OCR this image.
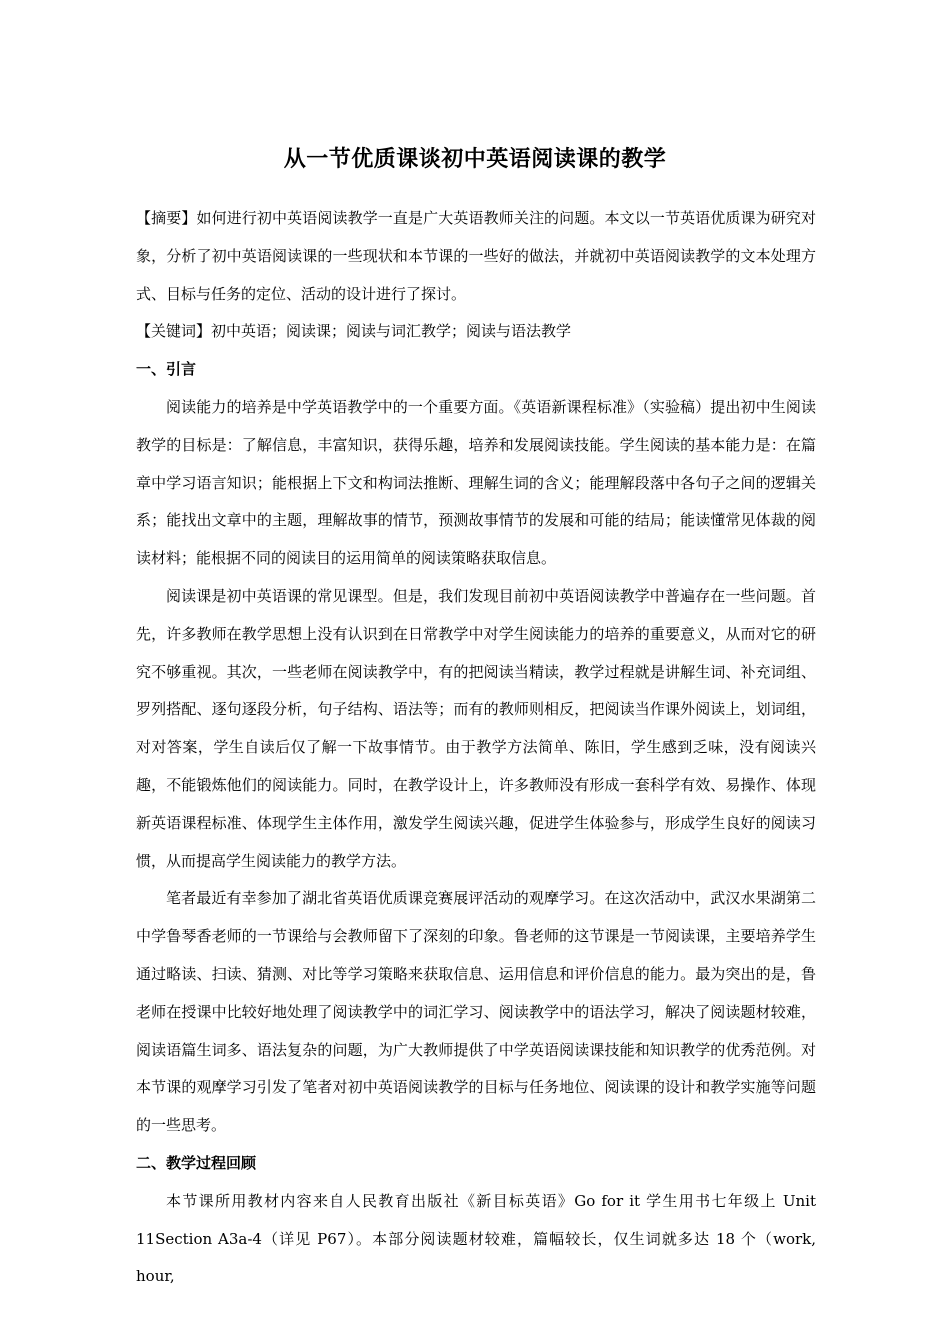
从一节优质课谈初中英语阅读课的教学

【摘要】如何进行初中英语阅读教学一直是广大英语教师关注的问题。本文以一节英语优质课为研究对象，分析了初中英语阅读课的一些现状和本节课的一些好的做法，并就初中英语阅读教学的文本处理方式、目标与任务的定位、活动的设计进行了探讨。

【关键词】初中英语；阅读课；阅读与词汇教学；阅读与语法教学

一、引言

阅读能力的培养是中学英语教学中的一个重要方面。《英语新课程标准》（实验稿）提出初中生阅读教学的目标是：了解信息，丰富知识，获得乐趣，培养和发展阅读技能。学生阅读的基本能力是：在篇章中学习语言知识；能根据上下文和构词法推断、理解生词的含义；能理解段落中各句子之间的逻辑关系；能找出文章中的主题，理解故事的情节，预测故事情节的发展和可能的结局；能读懂常见体裁的阅读材料；能根据不同的阅读目的运用简单的阅读策略获取信息。

阅读课是初中英语课的常见课型。但是，我们发现目前初中英语阅读教学中普遍存在一些问题。首先，许多教师在教学思想上没有认识到在日常教学中对学生阅读能力的培养的重要意义，从而对它的研究不够重视。其次，一些老师在阅读教学中，有的把阅读当精读，教学过程就是讲解生词、补充词组、罗列搭配、逐句逐段分析，句子结构、语法等；而有的教师则相反，把阅读当作课外阅读上，划词组，对对答案，学生自读后仅了解一下故事情节。由于教学方法简单、陈旧，学生感到乏味，没有阅读兴趣，不能锻炼他们的阅读能力。同时，在教学设计上，许多教师没有形成一套科学有效、易操作、体现新英语课程标准、体现学生主体作用，激发学生阅读兴趣，促进学生体验参与，形成学生良好的阅读习惯，从而提高学生阅读能力的教学方法。

笔者最近有幸参加了湖北省英语优质课竞赛展评活动的观摩学习。在这次活动中，武汉水果湖第二中学鲁琴香老师的一节课给与会教师留下了深刻的印象。鲁老师的这节课是一节阅读课，主要培养学生通过略读、扫读、猜测、对比等学习策略来获取信息、运用信息和评价信息的能力。最为突出的是，鲁老师在授课中比较好地处理了阅读教学中的词汇学习、阅读教学中的语法学习，解决了阅读题材较难，阅读语篇生词多、语法复杂的问题，为广大教师提供了中学英语阅读课技能和知识教学的优秀范例。对本节课的观摩学习引发了笔者对初中英语阅读教学的目标与任务地位、阅读课的设计和教学实施等问题的一些思考。

二、教学过程回顾

本节课所用教材内容来自人民教育出版社《新目标英语》Go for it 学生用书七年级上 Unit 11Section A3a-4（详见 P67）。本部分阅读题材较难，篇幅较长，仅生词就多达 18 个（work, hour,
